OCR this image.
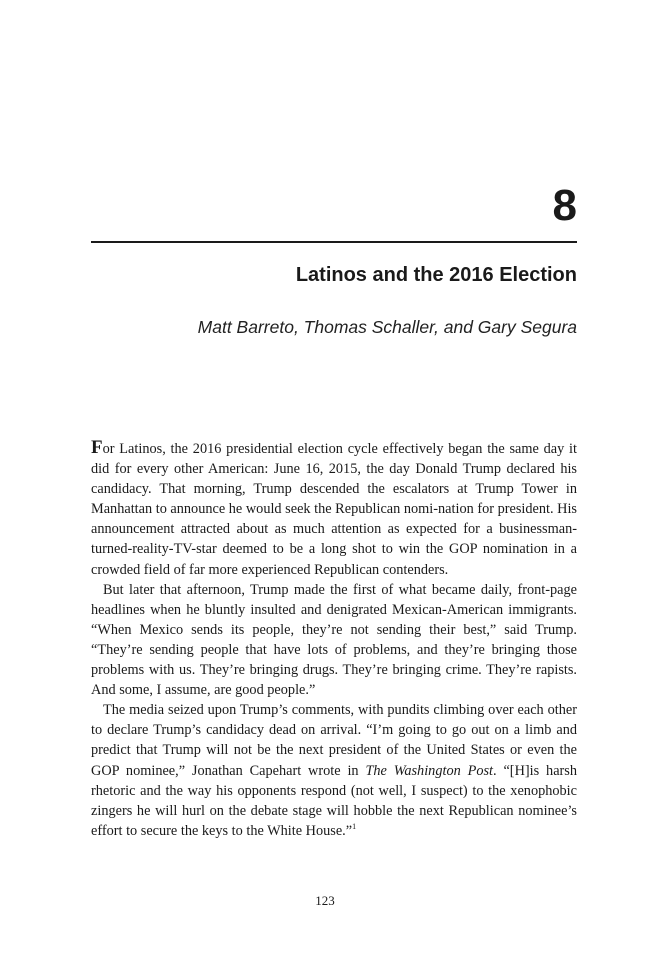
8
Latinos and the 2016 Election
Matt Barreto, Thomas Schaller, and Gary Segura

For Latinos, the 2016 presidential election cycle effectively began the same day it did for every other American: June 16, 2015, the day Donald Trump declared his candidacy. That morning, Trump descended the escalators at Trump Tower in Manhattan to announce he would seek the Republican nomi-nation for president. His announcement attracted about as much attention as expected for a businessman-turned-reality-TV-star deemed to be a long shot to win the GOP nomination in a crowded field of far more experienced Republican contenders.

But later that afternoon, Trump made the first of what became daily, front-page headlines when he bluntly insulted and denigrated Mexican-American immigrants. “When Mexico sends its people, they’re not sending their best,” said Trump. “They’re sending people that have lots of problems, and they’re bringing those problems with us. They’re bringing drugs. They’re bringing crime. They’re rapists. And some, I assume, are good people.”

The media seized upon Trump’s comments, with pundits climbing over each other to declare Trump’s candidacy dead on arrival. “I’m going to go out on a limb and predict that Trump will not be the next president of the United States or even the GOP nominee,” Jonathan Capehart wrote in The Washington Post. “[H]is harsh rhetoric and the way his opponents respond (not well, I suspect) to the xenophobic zingers he will hurl on the debate stage will hobble the next Republican nominee’s effort to secure the keys to the White House.”$^1$

123
